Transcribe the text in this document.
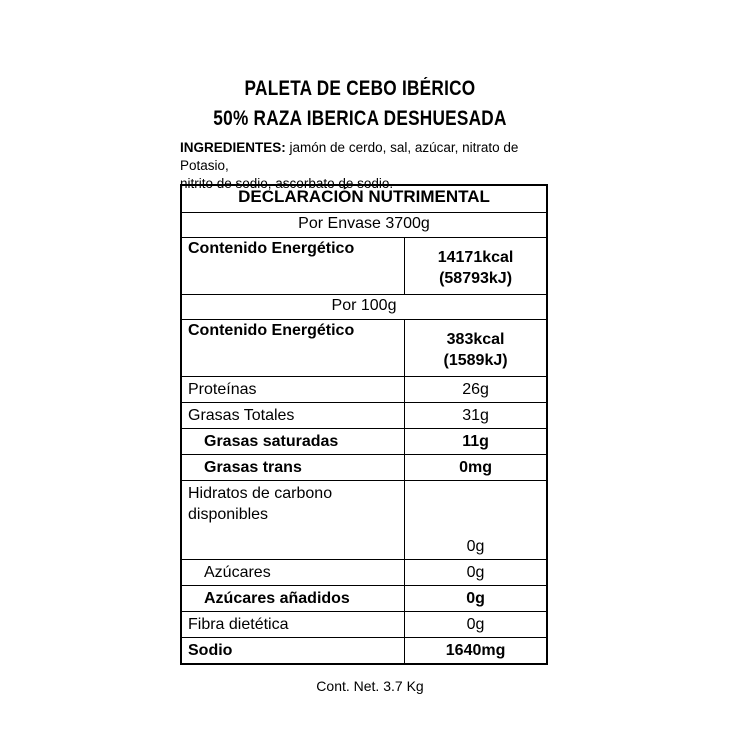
PALETA DE CEBO IBÉRICO
50% RAZA IBERICA DESHUESADA
INGREDIENTES: jamón de cerdo, sal, azúcar, nitrato de Potasio,
nitrito de sodio, ascorbato de sodio.
DECLARACIÓN NUTRIMENTAL	
Por Envase 3700g	
Contenido Energético	14171kcal
(58793kJ)

Por 100g	
Contenido Energético	383kcal
(1589kJ)

Proteínas	26g
Grasas Totales	31g
Grasas saturadas	11g
Grasas trans	0mg

Hidratos de carbono
disponibles	0g
Azúcares	0g
Azúcares añadidos	0g
Fibra dietética	0g
Sodio	1640mg
Cont. Net. 3.7 Kg
